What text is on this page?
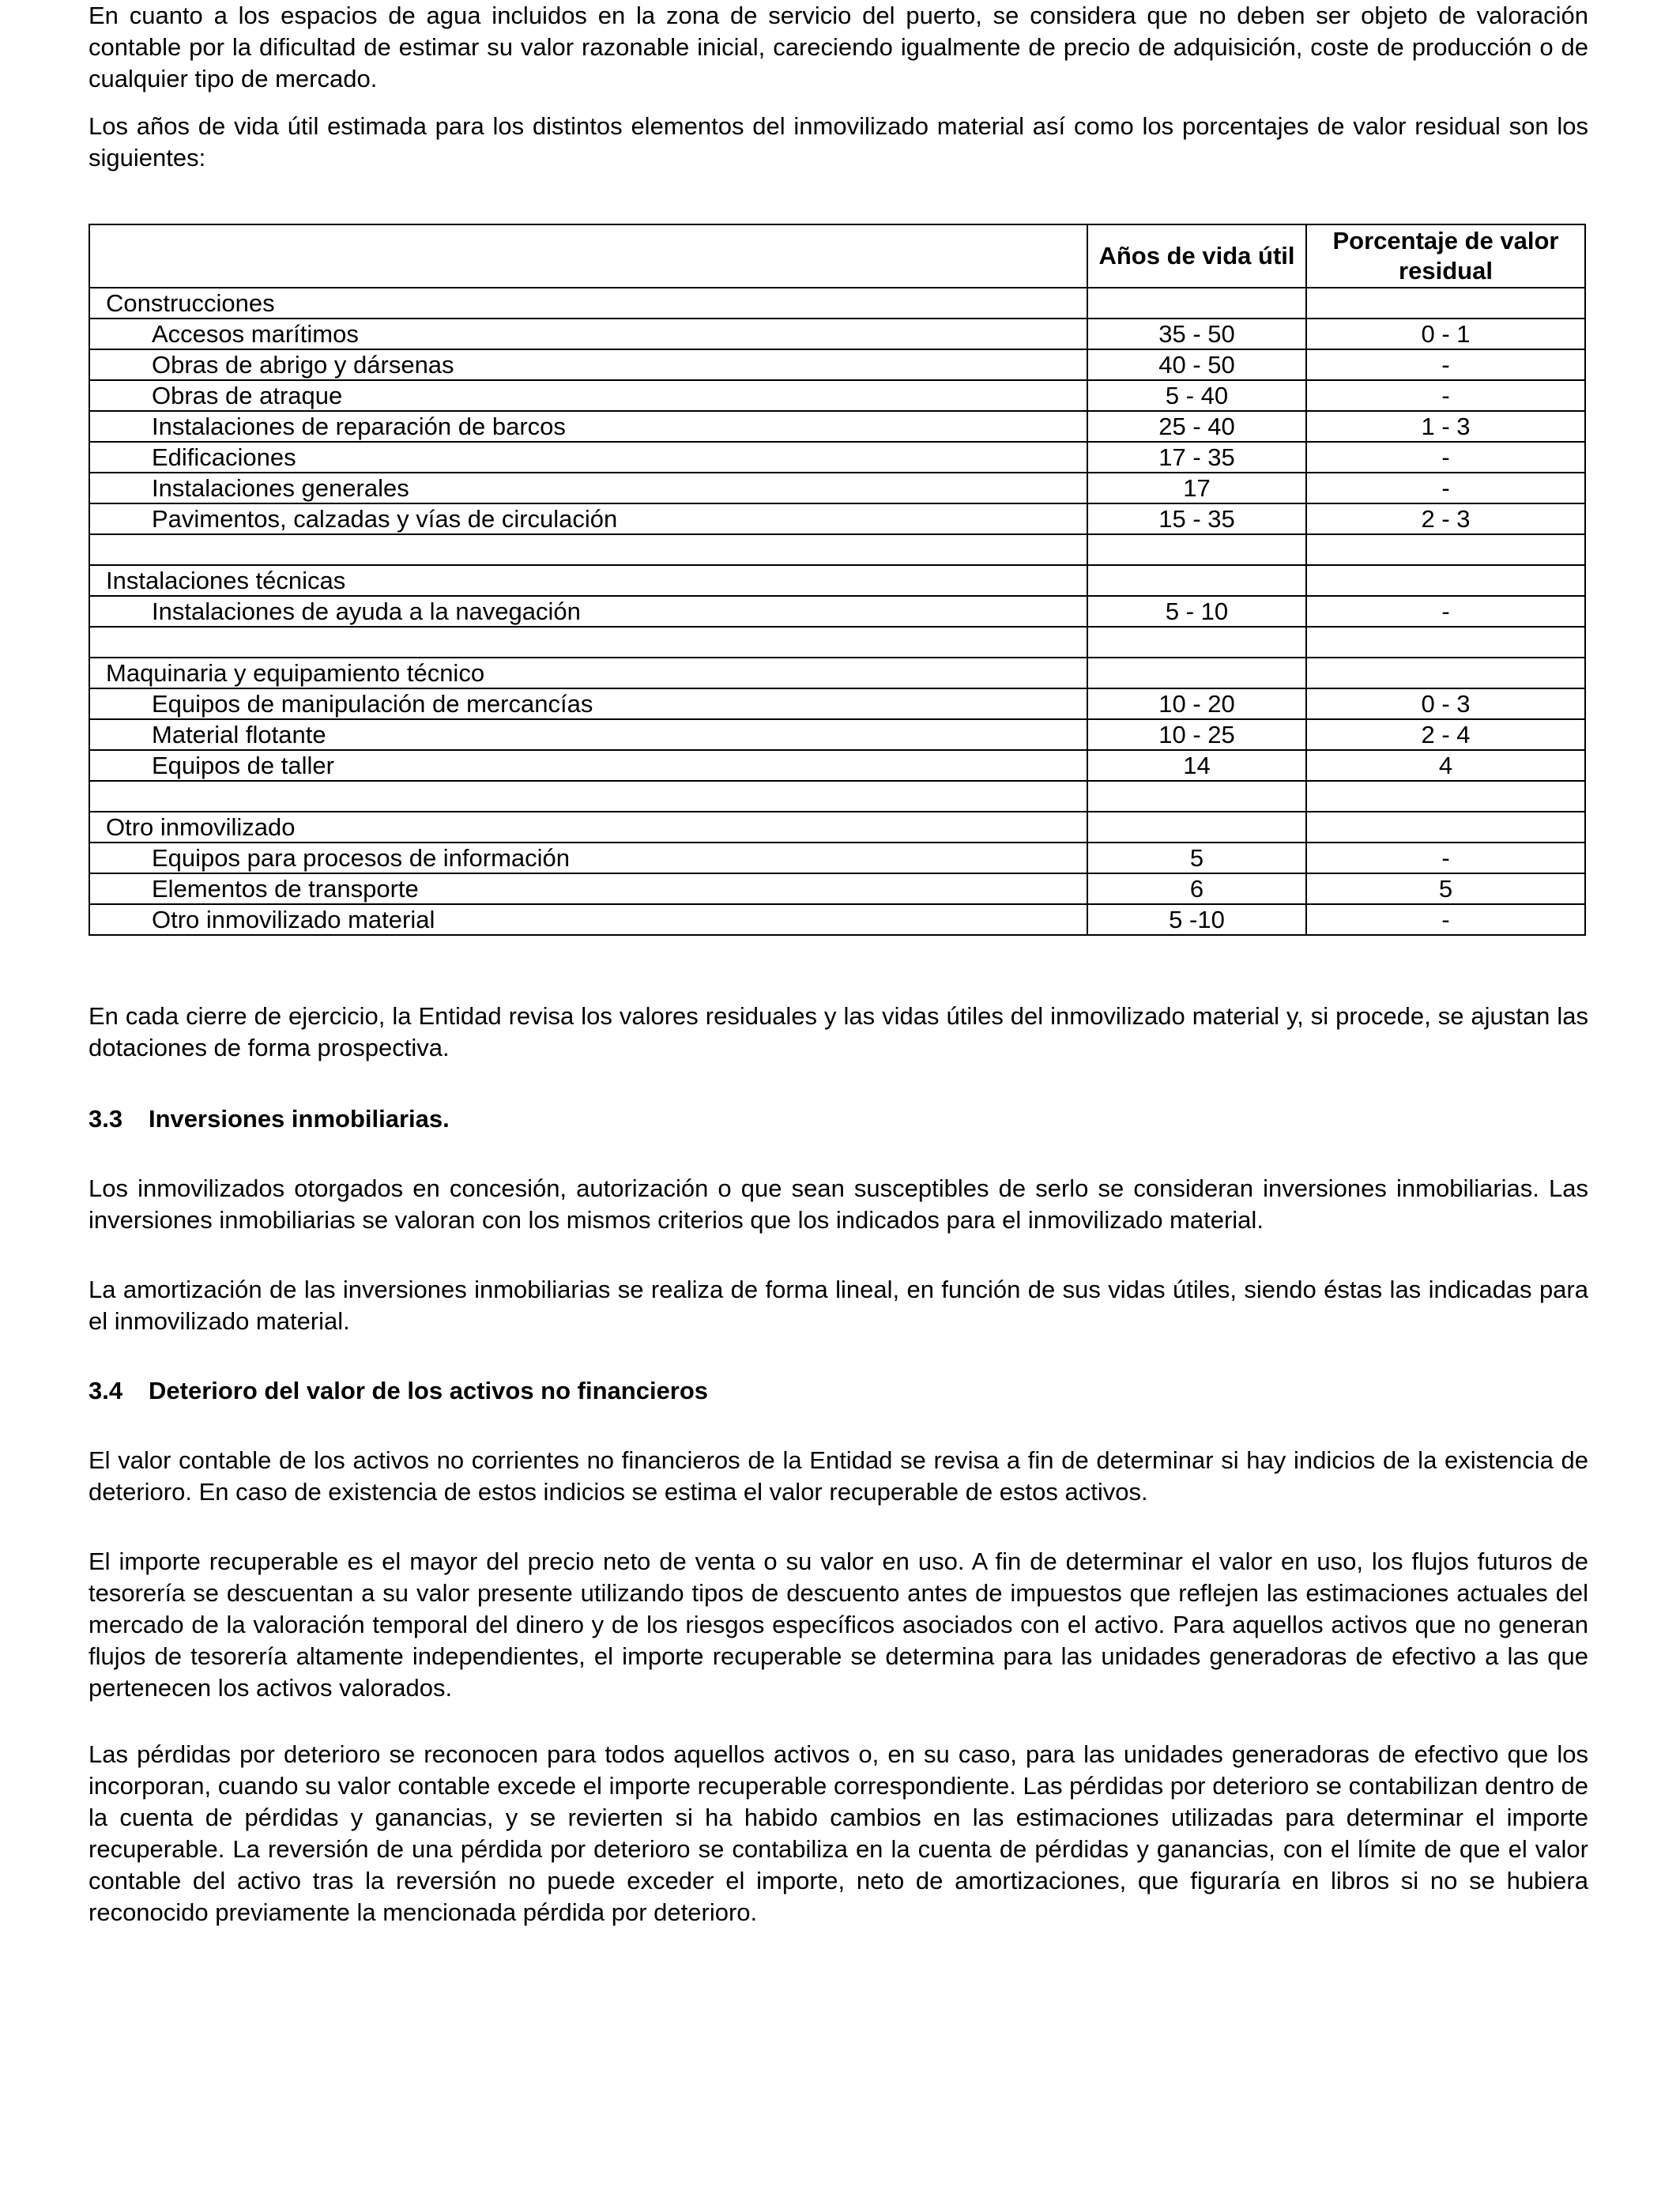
En cuanto a los espacios de agua incluidos en la zona de servicio del puerto, se considera que no deben ser objeto de valoración contable por la dificultad de estimar su valor razonable inicial, careciendo igualmente de precio de adquisición, coste de producción o de cualquier tipo de mercado.

Los años de vida útil estimada para los distintos elementos del inmovilizado material así como los porcentajes de valor residual son los siguientes:

	Años de vida útil	Porcentaje de valor residual
Construcciones		
Accesos marítimos	35 - 50	0 - 1
Obras de abrigo y dársenas	40 - 50	-
Obras de atraque	5 - 40	-
Instalaciones de reparación de barcos	25 - 40	1 - 3
Edificaciones	17 - 35	-
Instalaciones generales	17	-
Pavimentos, calzadas y vías de circulación	15 - 35	2 - 3

Instalaciones técnicas		
Instalaciones de ayuda a la navegación	5 - 10	-

Maquinaria y equipamiento técnico		
Equipos de manipulación de mercancías	10 - 20	0 - 3
Material flotante	10 - 25	2 - 4
Equipos de taller	14	4

Otro inmovilizado		
Equipos para procesos de información	5	-
Elementos de transporte	6	5
Otro inmovilizado material	5 -10	-

En cada cierre de ejercicio, la Entidad revisa los valores residuales y las vidas útiles del inmovilizado material y, si procede, se ajustan las dotaciones de forma prospectiva.

3.3 Inversiones inmobiliarias.

Los inmovilizados otorgados en concesión, autorización o que sean susceptibles de serlo se consideran inversiones inmobiliarias. Las inversiones inmobiliarias se valoran con los mismos criterios que los indicados para el inmovilizado material.

La amortización de las inversiones inmobiliarias se realiza de forma lineal, en función de sus vidas útiles, siendo éstas las indicadas para el inmovilizado material.

3.4 Deterioro del valor de los activos no financieros

El valor contable de los activos no corrientes no financieros de la Entidad se revisa a fin de determinar si hay indicios de la existencia de deterioro. En caso de existencia de estos indicios se estima el valor recuperable de estos activos.

El importe recuperable es el mayor del precio neto de venta o su valor en uso. A fin de determinar el valor en uso, los flujos futuros de tesorería se descuentan a su valor presente utilizando tipos de descuento antes de impuestos que reflejen las estimaciones actuales del mercado de la valoración temporal del dinero y de los riesgos específicos asociados con el activo. Para aquellos activos que no generan flujos de tesorería altamente independientes, el importe recuperable se determina para las unidades generadoras de efectivo a las que pertenecen los activos valorados.

Las pérdidas por deterioro se reconocen para todos aquellos activos o, en su caso, para las unidades generadoras de efectivo que los incorporan, cuando su valor contable excede el importe recuperable correspondiente. Las pérdidas por deterioro se contabilizan dentro de la cuenta de pérdidas y ganancias, y se revierten si ha habido cambios en las estimaciones utilizadas para determinar el importe recuperable. La reversión de una pérdida por deterioro se contabiliza en la cuenta de pérdidas y ganancias, con el límite de que el valor contable del activo tras la reversión no puede exceder el importe, neto de amortizaciones, que figuraría en libros si no se hubiera reconocido previamente la mencionada pérdida por deterioro.
